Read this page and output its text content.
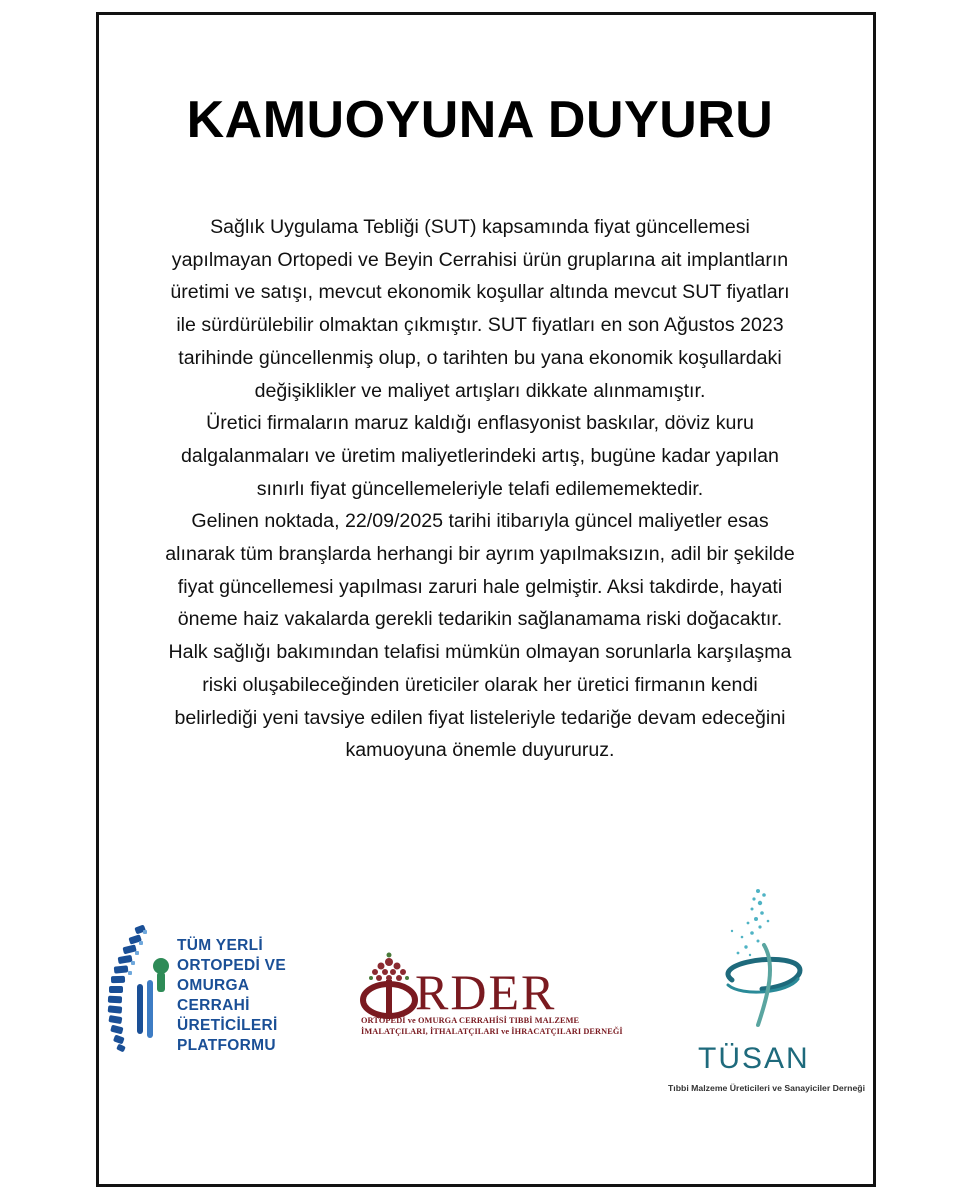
KAMUOYUNA DUYURU
Sağlık Uygulama Tebliği (SUT) kapsamında fiyat güncellemesi
yapılmayan Ortopedi ve Beyin Cerrahisi ürün gruplarına ait implantların
üretimi ve satışı, mevcut ekonomik koşullar altında mevcut SUT fiyatları
ile sürdürülebilir olmaktan çıkmıştır. SUT fiyatları en son Ağustos 2023
tarihinde güncellenmiş olup, o tarihten bu yana ekonomik koşullardaki
değişiklikler ve maliyet artışları dikkate alınmamıştır.
Üretici firmaların maruz kaldığı enflasyonist baskılar, döviz kuru
dalgalanmaları ve üretim maliyetlerindeki artış, bugüne kadar yapılan
sınırlı fiyat güncellemeleriyle telafi edilememektedir.
Gelinen noktada, 22/09/2025 tarihi itibarıyla güncel maliyetler esas
alınarak tüm branşlarda herhangi bir ayrım yapılmaksızın, adil bir şekilde
fiyat güncellemesi yapılması zaruri hale gelmiştir. Aksi takdirde, hayati
öneme haiz vakalarda gerekli tedarikin sağlanamama riski doğacaktır.
Halk sağlığı bakımından telafisi mümkün olmayan sorunlarla karşılaşma
riski oluşabileceğinden üreticiler olarak her üretici firmanın kendi
belirlediği yeni tavsiye edilen fiyat listeleriyle tedariğe devam edeceğini
kamuoyuna önemle duyururuz.
TÜM YERLİ
ORTOPEDİ VE
OMURGA
CERRAHİ
ÜRETİCİLERİ
PLATFORMU
RDER
ORTOPEDİ ve OMURGA CERRAHİSİ TIBBİ MALZEME
İMALATÇILARI, İTHALATÇILARI ve İHRACATÇILARI DERNEĞİ
TÜSAN
Tıbbi Malzeme Üreticileri ve Sanayiciler Derneği
